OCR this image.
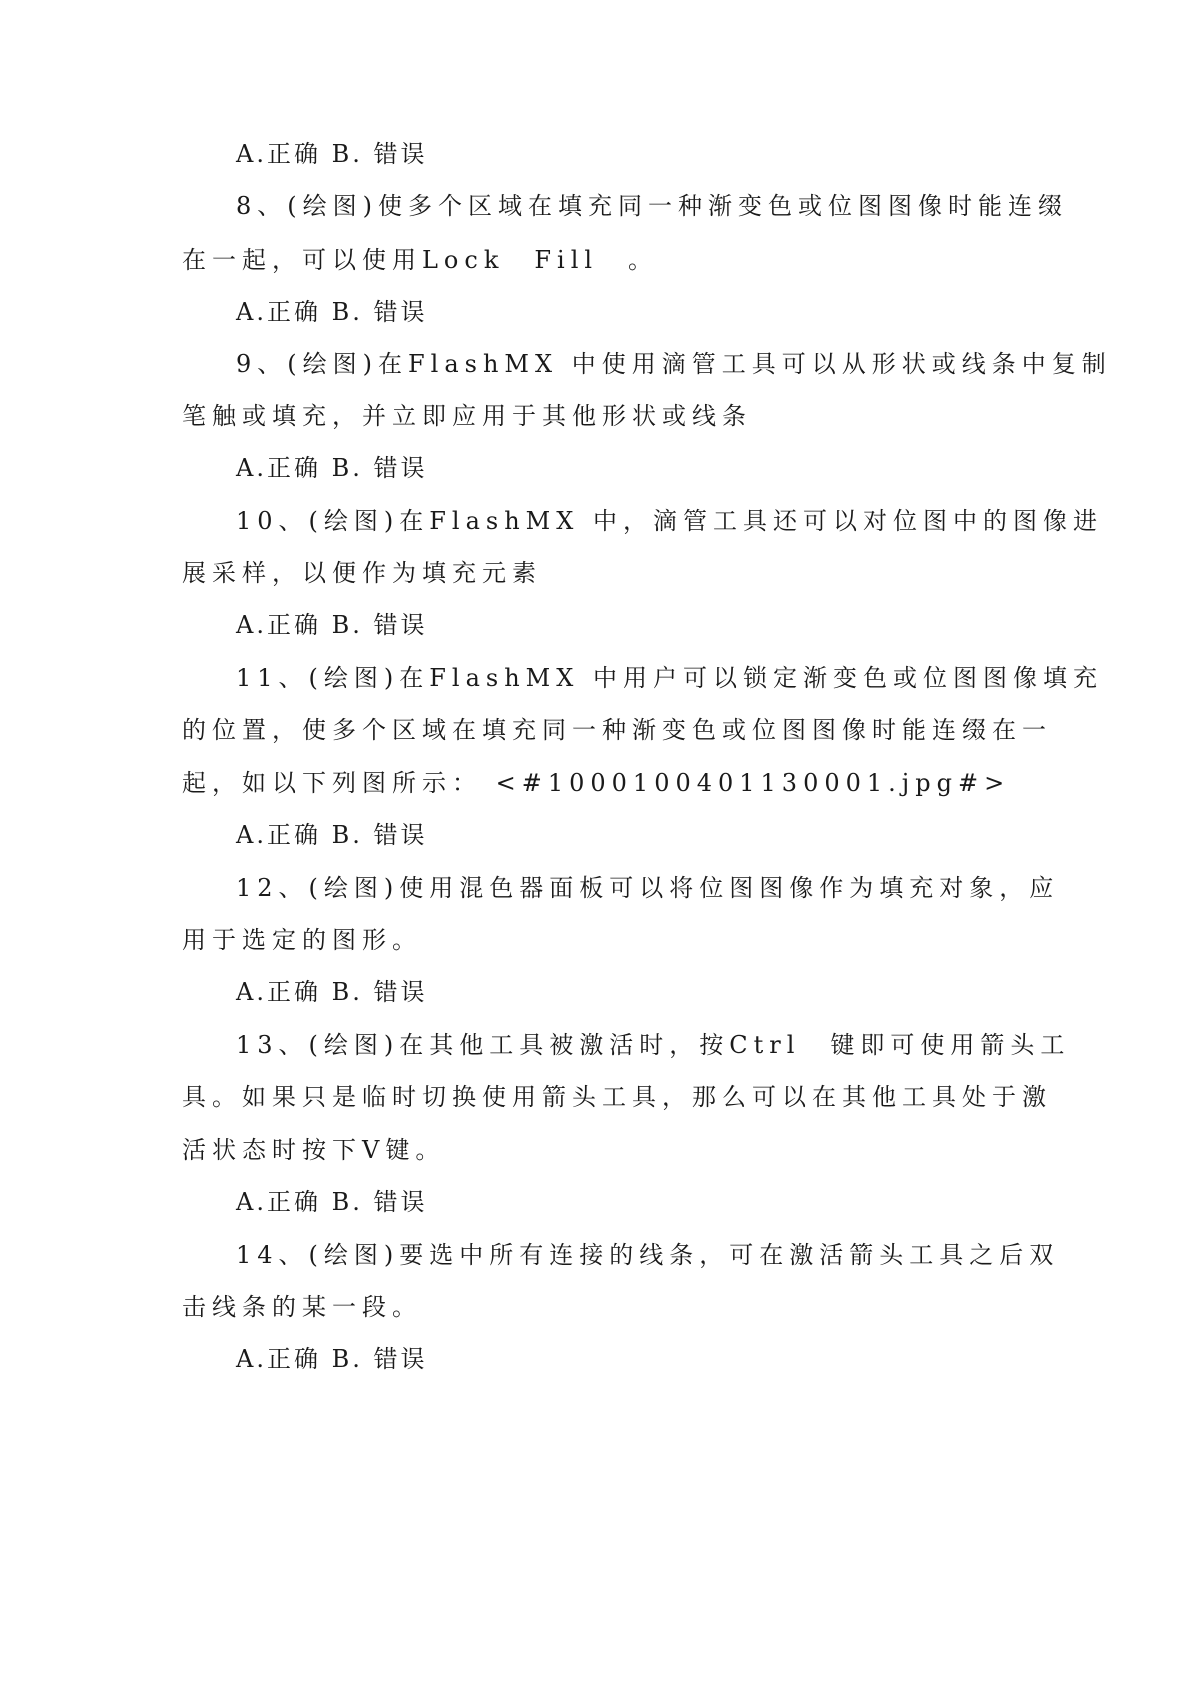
A.正确 B. 错误
8、(绘图)使多个区域在填充同一种渐变色或位图图像时能连缀
在一起，可以使用Lock　Fill　。
A.正确 B. 错误
9、(绘图)在FlashMX 中使用滴管工具可以从形状或线条中复制
笔触或填充，并立即应用于其他形状或线条
A.正确 B. 错误
10、(绘图)在FlashMX 中，滴管工具还可以对位图中的图像进
展采样，以便作为填充元素
A.正确 B. 错误
11、(绘图)在FlashMX 中用户可以锁定渐变色或位图图像填充
的位置，使多个区域在填充同一种渐变色或位图图像时能连缀在一
起，如以下列图所示： <#1000100401130001.jpg#>
A.正确 B. 错误
12、(绘图)使用混色器面板可以将位图图像作为填充对象，应
用于选定的图形。
A.正确 B. 错误
13、(绘图)在其他工具被激活时，按Ctrl　键即可使用箭头工
具。如果只是临时切换使用箭头工具，那么可以在其他工具处于激
活状态时按下V键。
A.正确 B. 错误
14、(绘图)要选中所有连接的线条，可在激活箭头工具之后双
击线条的某一段。
A.正确 B. 错误
